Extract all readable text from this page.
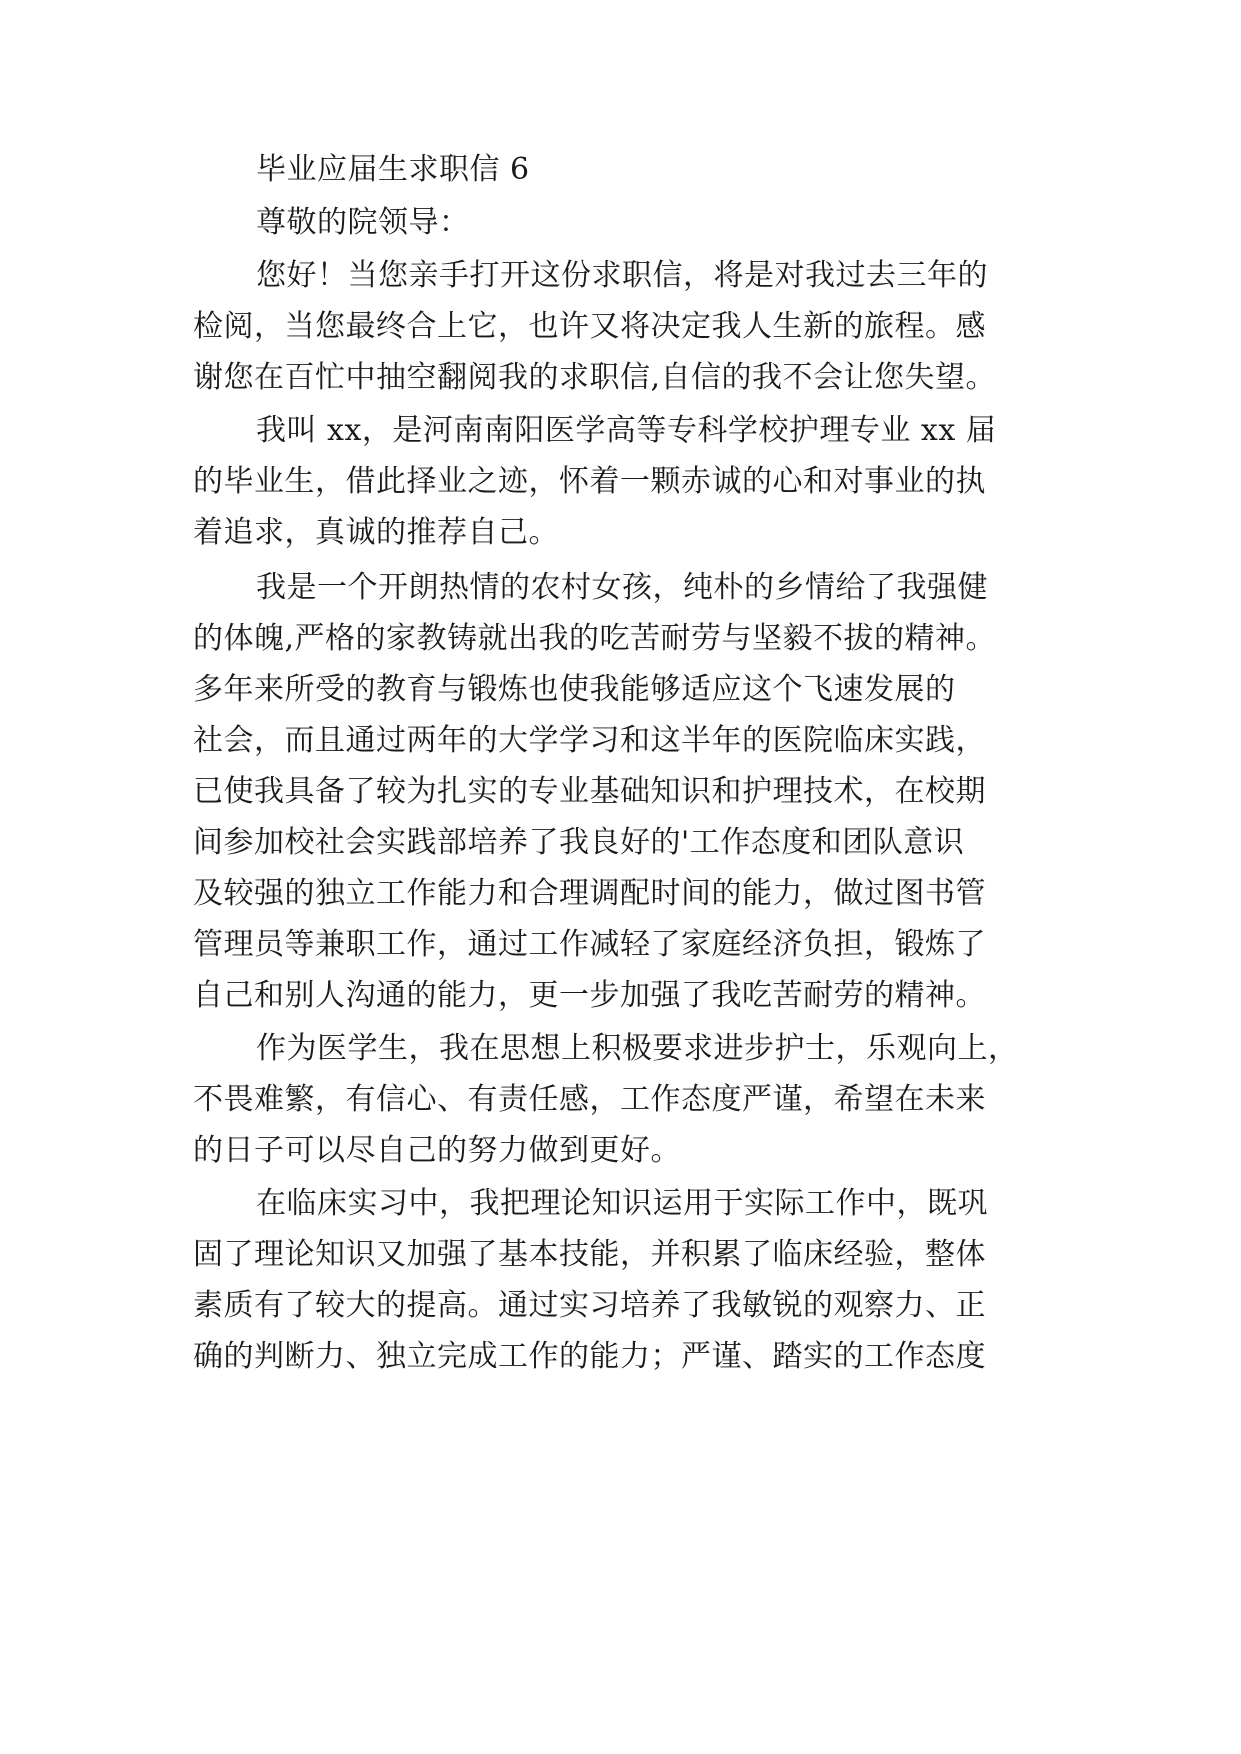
毕业应届生求职信 6
尊敬的院领导：
您好！当您亲手打开这份求职信，将是对我过去三年的
检阅，当您最终合上它，也许又将决定我人生新的旅程。感
谢您在百忙中抽空翻阅我的求职信,自信的我不会让您失望。
我叫 xx，是河南南阳医学高等专科学校护理专业 xx 届
的毕业生，借此择业之迹，怀着一颗赤诚的心和对事业的执
着追求，真诚的推荐自己。
我是一个开朗热情的农村女孩，纯朴的乡情给了我强健
的体魄,严格的家教铸就出我的吃苦耐劳与坚毅不拔的精神。
多年来所受的教育与锻炼也使我能够适应这个飞速发展的
社会，而且通过两年的大学学习和这半年的医院临床实践，
已使我具备了较为扎实的专业基础知识和护理技术，在校期
间参加校社会实践部培养了我良好的'工作态度和团队意识
及较强的独立工作能力和合理调配时间的能力，做过图书管
管理员等兼职工作，通过工作减轻了家庭经济负担，锻炼了
自己和别人沟通的能力，更一步加强了我吃苦耐劳的精神。
作为医学生，我在思想上积极要求进步护士，乐观向上，
不畏难繁，有信心、有责任感，工作态度严谨，希望在未来
的日子可以尽自己的努力做到更好。
在临床实习中，我把理论知识运用于实际工作中，既巩
固了理论知识又加强了基本技能，并积累了临床经验，整体
素质有了较大的提高。通过实习培养了我敏锐的观察力、正
确的判断力、独立完成工作的能力；严谨、踏实的工作态度
